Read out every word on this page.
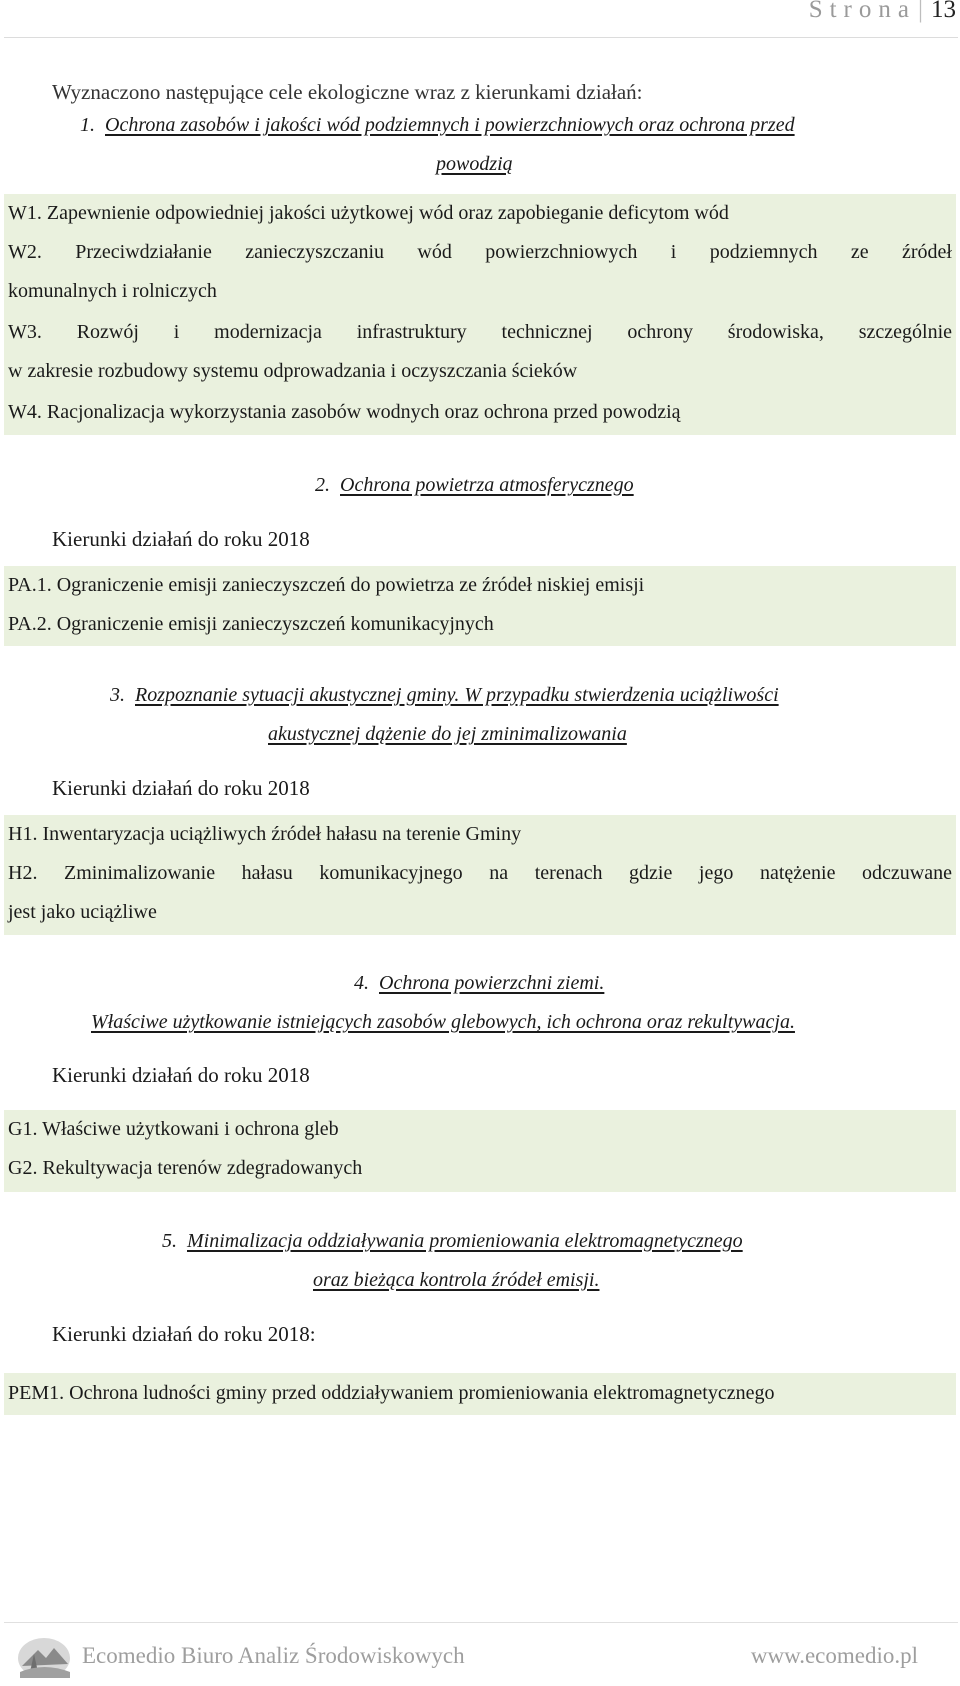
Strona| 13
Wyznaczono następujące cele ekologiczne wraz z kierunkami działań:
1. Ochrona zasobów i jakości wód podziemnych i powierzchniowych oraz ochrona przed
powodzią
W1. Zapewnienie odpowiedniej jakości użytkowej wód oraz zapobieganie deficytom wód
W2. Przeciwdziałanie zanieczyszczaniu wód powierzchniowych i podziemnych ze źródeł
komunalnych i rolniczych
W3. Rozwój i modernizacja infrastruktury technicznej ochrony środowiska, szczególnie
w zakresie rozbudowy systemu odprowadzania i oczyszczania ścieków
W4. Racjonalizacja wykorzystania zasobów wodnych oraz ochrona przed powodzią
2. Ochrona powietrza atmosferycznego
Kierunki działań do roku 2018
PA.1. Ograniczenie emisji zanieczyszczeń do powietrza ze źródeł niskiej emisji
PA.2. Ograniczenie emisji zanieczyszczeń komunikacyjnych
3. Rozpoznanie sytuacji akustycznej gminy. W przypadku stwierdzenia uciążliwości
akustycznej dążenie do jej zminimalizowania
Kierunki działań do roku 2018
H1. Inwentaryzacja uciążliwych źródeł hałasu na terenie Gminy
H2. Zminimalizowanie hałasu komunikacyjnego na terenach gdzie jego natężenie odczuwane
jest jako uciążliwe
4. Ochrona powierzchni ziemi.
Właściwe użytkowanie istniejących zasobów glebowych, ich ochrona oraz rekultywacja.
Kierunki działań do roku 2018
G1. Właściwe użytkowani i ochrona gleb
G2. Rekultywacja terenów zdegradowanych
5. Minimalizacja oddziaływania promieniowania elektromagnetycznego
oraz bieżąca kontrola źródeł emisji.
Kierunki działań do roku 2018:
PEM1. Ochrona ludności gminy przed oddziaływaniem promieniowania elektromagnetycznego
Ecomedio Biuro Analiz Środowiskowych	www.ecomedio.pl
